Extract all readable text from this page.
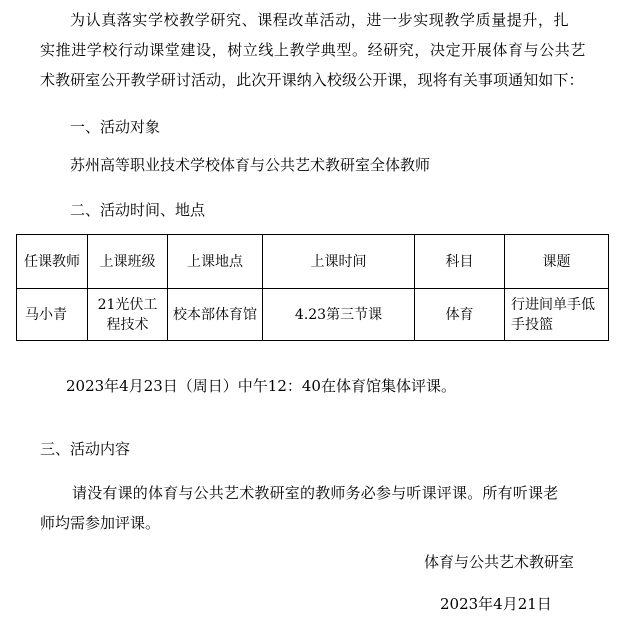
为认真落实学校教学研究、课程改革活动，进一步实现教学质量提升，扎
实推进学校行动课堂建设，树立线上教学典型。经研究，决定开展体育与公共艺
术教研室公开教学研讨活动，此次开课纳入校级公开课，现将有关事项通知如下：
一、活动对象
苏州高等职业技术学校体育与公共艺术教研室全体教师
二、活动时间、地点
任课教师	上课班级	上课地点	上课时间	科目	课题
马小青	21光伏工程技术	校本部体育馆	4.23第三节课	体育	行进间单手低手投篮
2023年4月23日（周日）中午12：40在体育馆集体评课。
三、活动内容
请没有课的体育与公共艺术教研室的教师务必参与听课评课。所有听课老
师均需参加评课。
体育与公共艺术教研室
2023年4月21日
